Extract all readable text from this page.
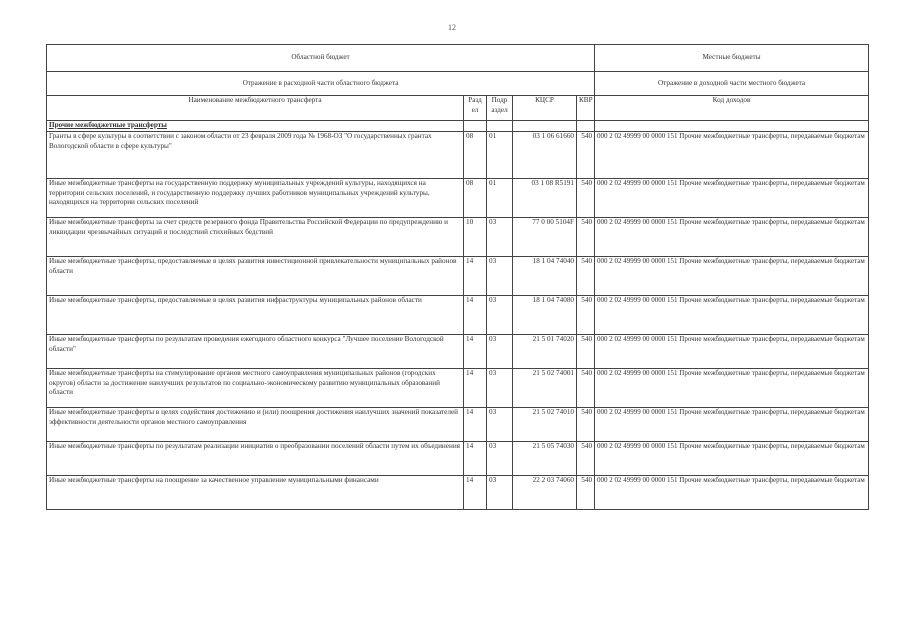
12
Областной бюджет					Местные бюджеты
Отражение в расходной части областного бюджета					Отражение в доходной части местного бюджета
Наименование межбюджетного трансферта	Разд ел	Подр аздел	КЦСР	КВР	Код доходов
Прочие межбюджетные трансферты					
Гранты в сфере культуры в соответствии с законом области от 23 февраля 2009 года № 1968-ОЗ "О государственных грантах Вологодской области в сфере культуры"	08	01	03 1 06 61660	540	000 2 02 49999 00 0000 151 Прочие межбюджетные трансферты, передаваемые бюджетам
Иные межбюджетные трансферты на государственную поддержку муниципальных учреждений культуры, находящихся на территории сельских поселений, и государственную поддержку лучших работников муниципальных учреждений культуры, находящихся на территории сельских поселений	08	01	03 1 08 R5191	540	000 2 02 49999 00 0000 151 Прочие межбюджетные трансферты, передаваемые бюджетам
Иные межбюджетные трансферты за счет средств резервного фонда Правительства Российской Федерации по предупреждению и ликвидации чрезвычайных ситуаций и последствий стихийных бедствий	10	03	77 0 00 5104F	540	000 2 02 49999 00 0000 151 Прочие межбюджетные трансферты, передаваемые бюджетам
Иные межбюджетные трансферты, предоставляемые в целях развития инвестиционной привлекательности муниципальных районов области	14	03	18 1 04 74040	540	000 2 02 49999 00 0000 151 Прочие межбюджетные трансферты, передаваемые бюджетам
Иные межбюджетные трансферты, предоставляемые в целях развития инфраструктуры муниципальных районов области	14	03	18 1 04 74080	540	000 2 02 49999 00 0000 151 Прочие межбюджетные трансферты, передаваемые бюджетам
Иные межбюджетные трансферты по результатам проведения ежегодного областного конкурса "Лучшее поселение Вологодской области"	14	03	21 5 01 74020	540	000 2 02 49999 00 0000 151 Прочие межбюджетные трансферты, передаваемые бюджетам
Иные межбюджетные трансферты на стимулирование органов местного самоуправления муниципальных районов (городских округов) области за достижение наилучших результатов по социально-экономическому развитию муниципальных образований области	14	03	21 5 02 74001	540	000 2 02 49999 00 0000 151 Прочие межбюджетные трансферты, передаваемые бюджетам
Иные межбюджетные трансферты в целях содействия достижению и (или) поощрения достижения наилучших значений показателей эффективности деятельности органов местного самоуправления	14	03	21 5 02 74010	540	000 2 02 49999 00 0000 151 Прочие межбюджетные трансферты, передаваемые бюджетам
Иные межбюджетные трансферты по результатам реализации инициатив о преобразовании поселений области путем их объединения	14	03	21 5 05 74030	540	000 2 02 49999 00 0000 151 Прочие межбюджетные трансферты, передаваемые бюджетам
Иные межбюджетные трансферты на поощрение за качественное управление муниципальными финансами	14	03	22 2 03 74060	540	000 2 02 49999 00 0000 151 Прочие межбюджетные трансферты, передаваемые бюджетам
